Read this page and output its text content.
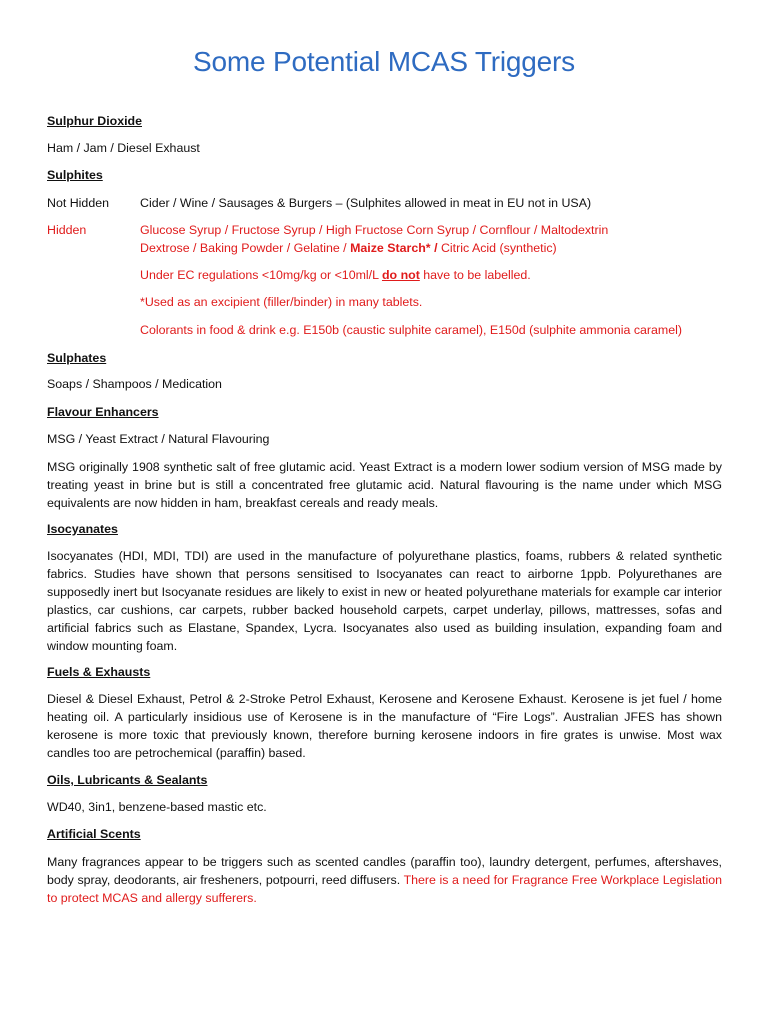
Some Potential MCAS Triggers
Sulphur Dioxide
Ham / Jam / Diesel Exhaust
Sulphites
Not Hidden	Cider / Wine / Sausages & Burgers – (Sulphites allowed in meat in EU not in USA)
Hidden	Glucose Syrup / Fructose Syrup / High Fructose Corn Syrup / Cornflour / Maltodextrin
Dextrose / Baking Powder / Gelatine / Maize Starch* / Citric Acid (synthetic)
Under EC regulations <10mg/kg or <10ml/L do not have to be labelled.
*Used as an excipient (filler/binder) in many tablets.
Colorants in food & drink e.g. E150b (caustic sulphite caramel), E150d (sulphite ammonia caramel)
Sulphates
Soaps / Shampoos / Medication
Flavour Enhancers
MSG / Yeast Extract / Natural Flavouring
MSG originally 1908 synthetic salt of free glutamic acid. Yeast Extract is a modern lower sodium version of MSG made by treating yeast in brine but is still a concentrated free glutamic acid. Natural flavouring is the name under which MSG equivalents are now hidden in ham, breakfast cereals and ready meals.
Isocyanates
Isocyanates (HDI, MDI, TDI) are used in the manufacture of polyurethane plastics, foams, rubbers & related synthetic fabrics. Studies have shown that persons sensitised to Isocyanates can react to airborne 1ppb. Polyurethanes are supposedly inert but Isocyanate residues are likely to exist in new or heated polyurethane materials for example car interior plastics, car cushions, car carpets, rubber backed household carpets, carpet underlay, pillows, mattresses, sofas and artificial fabrics such as Elastane, Spandex, Lycra. Isocyanates also used as building insulation, expanding foam and window mounting foam.
Fuels & Exhausts
Diesel & Diesel Exhaust, Petrol & 2-Stroke Petrol Exhaust, Kerosene and Kerosene Exhaust. Kerosene is jet fuel / home heating oil. A particularly insidious use of Kerosene is in the manufacture of “Fire Logs”. Australian JFES has shown kerosene is more toxic that previously known, therefore burning kerosene indoors in fire grates is unwise. Most wax candles too are petrochemical (paraffin) based.
Oils, Lubricants & Sealants
WD40, 3in1, benzene-based mastic etc.
Artificial Scents
Many fragrances appear to be triggers such as scented candles (paraffin too), laundry detergent, perfumes, aftershaves, body spray, deodorants, air fresheners, potpourri, reed diffusers. There is a need for Fragrance Free Workplace Legislation to protect MCAS and allergy sufferers.
